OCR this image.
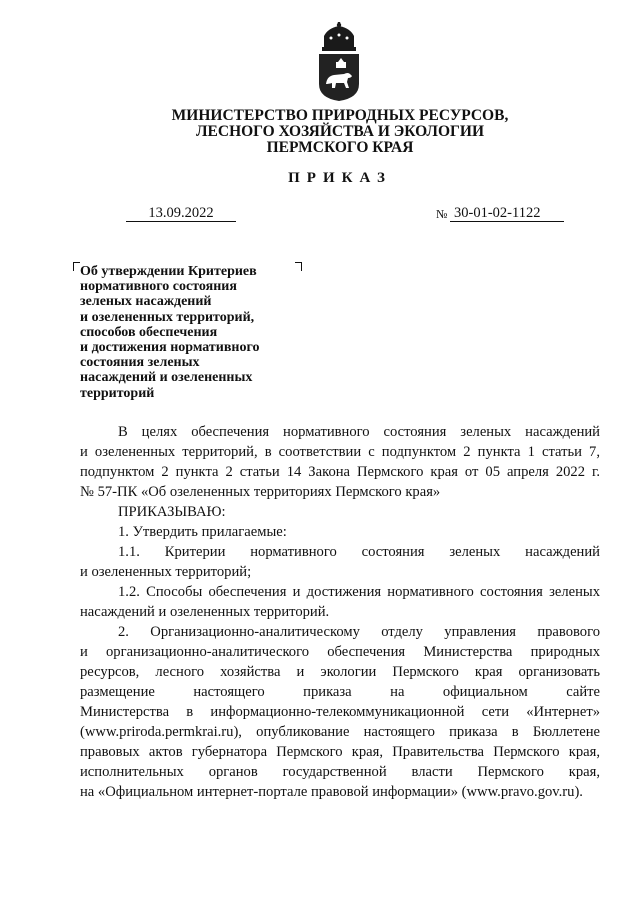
МИНИСТЕРСТВО ПРИРОДНЫХ РЕСУРСОВ,
ЛЕСНОГО ХОЗЯЙСТВА И ЭКОЛОГИИ
ПЕРМСКОГО КРАЯ
ПРИКАЗ
13.09.2022	№ 30-01-02-1122
Об утверждении Критериев
нормативного состояния
зеленых насаждений
и озелененных территорий,
способов обеспечения
и достижения нормативного
состояния зеленых
насаждений и озелененных
территорий

В целях обеспечения нормативного состояния зеленых насаждений

и озелененных территорий, в соответствии с подпунктом 2 пункта 1 статьи 7,

подпунктом 2 пункта 2 статьи 14 Закона Пермского края от 05 апреля 2022 г.

№ 57-ПК «Об озелененных территориях Пермского края»

ПРИКАЗЫВАЮ:

1. Утвердить прилагаемые:

1.1. Критерии нормативного состояния зеленых насаждений

и озелененных территорий;

1.2. Способы обеспечения и достижения нормативного состояния зеленых

насаждений и озелененных территорий.

2. Организационно-аналитическому отделу управления правового

и организационно-аналитического обеспечения Министерства природных

ресурсов, лесного хозяйства и экологии Пермского края организовать

размещение настоящего приказа на официальном сайте

Министерства в информационно-телекоммуникационной сети «Интернет»

(www.priroda.permkrai.ru), опубликование настоящего приказа в Бюллетене

правовых актов губернатора Пермского края, Правительства Пермского края,

исполнительных органов государственной власти Пермского края,

на «Официальном интернет-портале правовой информации» (www.pravo.gov.ru).
